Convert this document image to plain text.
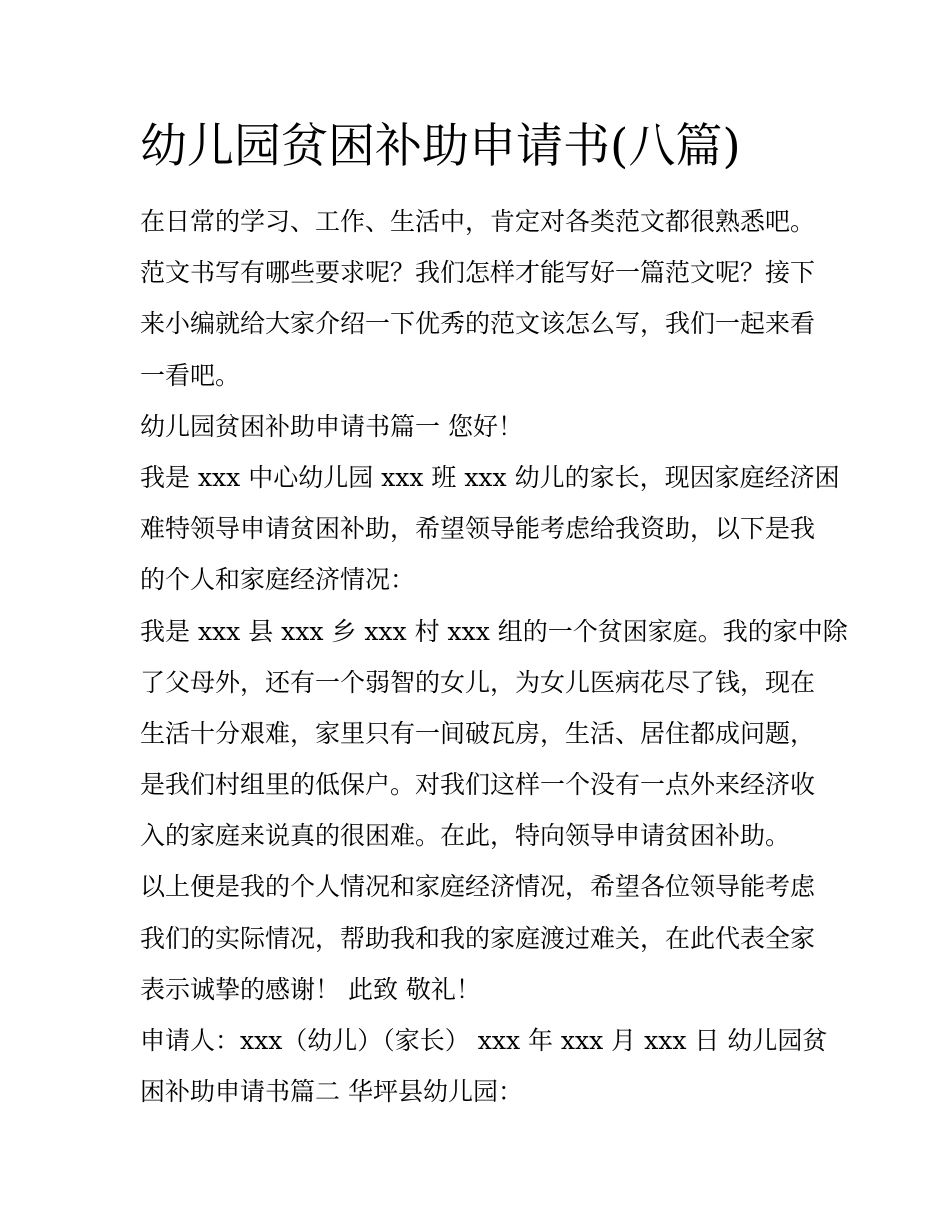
幼儿园贫困补助申请书(八篇)
在日常的学习、工作、生活中，肯定对各类范文都很熟悉吧。
范文书写有哪些要求呢？我们怎样才能写好一篇范文呢？接下
来小编就给大家介绍一下优秀的范文该怎么写，我们一起来看
一看吧。
幼儿园贫困补助申请书篇一 您好！
我是 xxx 中心幼儿园 xxx 班 xxx 幼儿的家长，现因家庭经济困
难特领导申请贫困补助，希望领导能考虑给我资助，以下是我
的个人和家庭经济情况：
我是 xxx 县 xxx 乡 xxx 村 xxx 组的一个贫困家庭。我的家中除
了父母外，还有一个弱智的女儿，为女儿医病花尽了钱，现在
生活十分艰难，家里只有一间破瓦房，生活、居住都成问题，
是我们村组里的低保户。对我们这样一个没有一点外来经济收
入的家庭来说真的很困难。在此，特向领导申请贫困补助。
以上便是我的个人情况和家庭经济情况，希望各位领导能考虑
我们的实际情况，帮助我和我的家庭渡过难关，在此代表全家
表示诚挚的感谢！ 此致 敬礼！
申请人：xxx（幼儿）（家长） xxx 年 xxx 月 xxx 日 幼儿园贫
困补助申请书篇二 华坪县幼儿园：
